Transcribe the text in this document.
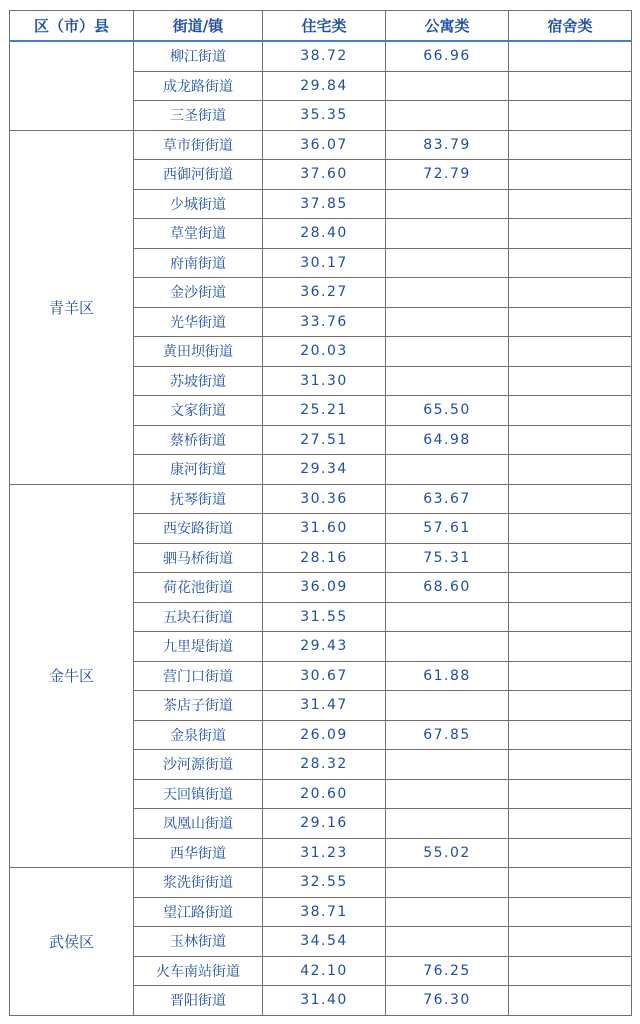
区（市）县	街道/镇	住宅类	公寓类	宿舍类
	柳江街道	38.72	66.96	
	成龙路街道	29.84		
	三圣街道	35.35		
青羊区	草市街街道	36.07	83.79	
	西御河街道	37.60	72.79	
	少城街道	37.85		
	草堂街道	28.40		
	府南街道	30.17		
	金沙街道	36.27		
	光华街道	33.76		
	黄田坝街道	20.03		
	苏坡街道	31.30		
	文家街道	25.21	65.50	
	蔡桥街道	27.51	64.98	
	康河街道	29.34		
金牛区	抚琴街道	30.36	63.67	
	西安路街道	31.60	57.61	
	驷马桥街道	28.16	75.31	
	荷花池街道	36.09	68.60	
	五块石街道	31.55		
	九里堤街道	29.43		
	营门口街道	30.67	61.88	
	茶店子街道	31.47		
	金泉街道	26.09	67.85	
	沙河源街道	28.32		
	天回镇街道	20.60		
	凤凰山街道	29.16		
	西华街道	31.23	55.02	
武侯区	浆洗街街道	32.55		
	望江路街道	38.71		
	玉林街道	34.54		
	火车南站街道	42.10	76.25	
	晋阳街道	31.40	76.30	
